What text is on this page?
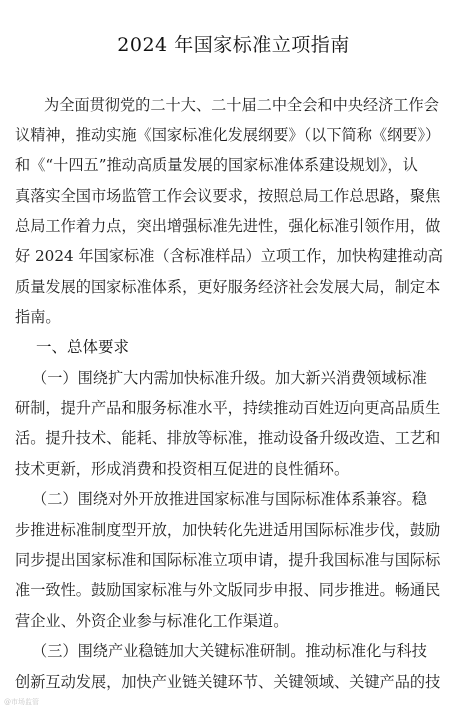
2024 年国家标准立项指南
为全面贯彻党的二十大、二十届二中全会和中央经济工作会
议精神，推动实施《国家标准化发展纲要》（以下简称《纲要》）
和《“十四五”推动高质量发展的国家标准体系建设规划》，认
真落实全国市场监管工作会议要求，按照总局工作总思路，聚焦
总局工作着力点，突出增强标准先进性，强化标准引领作用，做
好 2024 年国家标准（含标准样品）立项工作，加快构建推动高
质量发展的国家标准体系，更好服务经济社会发展大局，制定本
指南。
一、总体要求
（一）围绕扩大内需加快标准升级。加大新兴消费领域标准
研制，提升产品和服务标准水平，持续推动百姓迈向更高品质生
活。提升技术、能耗、排放等标准，推动设备升级改造、工艺和
技术更新，形成消费和投资相互促进的良性循环。
（二）围绕对外开放推进国家标准与国际标准体系兼容。稳
步推进标准制度型开放，加快转化先进适用国际标准步伐，鼓励
同步提出国家标准和国际标准立项申请，提升我国标准与国际标
准一致性。鼓励国家标准与外文版同步申报、同步推进。畅通民
营企业、外资企业参与标准化工作渠道。
（三）围绕产业稳链加大关键标准研制。推动标准化与科技
创新互动发展，加快产业链关键环节、关键领域、关键产品的技
@市场监管
